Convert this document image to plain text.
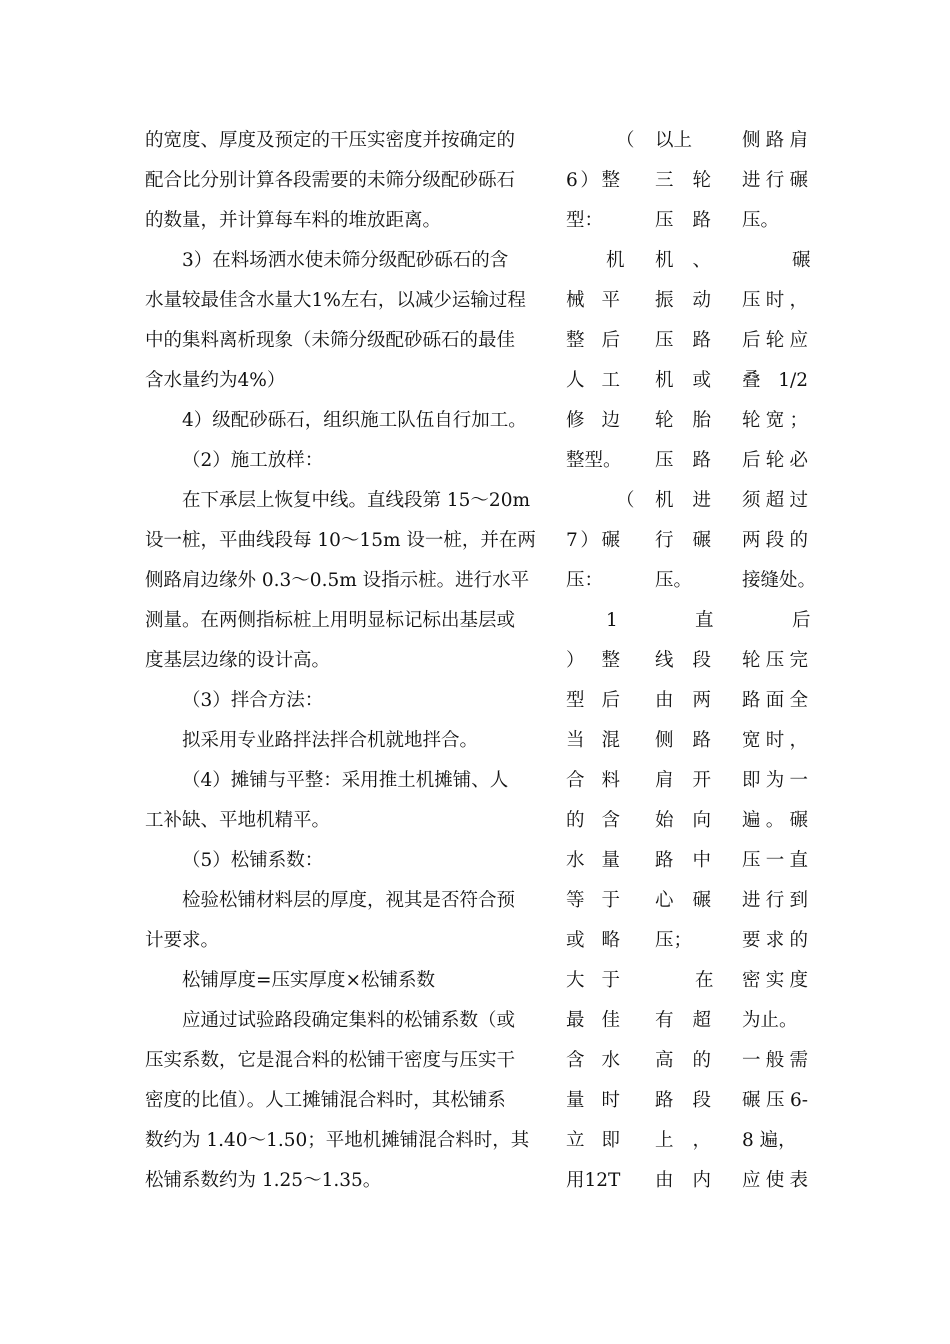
的宽度、厚度及预定的干压实密度并按确定的

配合比分别计算各段需要的未筛分级配砂砾石

的数量，并计算每车料的堆放距离。

3）在料场洒水使未筛分级配砂砾石的含

水量较最佳含水量大1%左右，以减少运输过程

中的集料离析现象（未筛分级配砂砾石的最佳

含水量约为4%）

4）级配砂砾石，组织施工队伍自行加工。

（2）施工放样：

在下承层上恢复中线。直线段第 15～20m

设一桩，平曲线段每 10～15m 设一桩，并在两

侧路肩边缘外 0.3～0.5m 设指示桩。进行水平

测量。在两侧指标桩上用明显标记标出基层或

度基层边缘的设计高。

（3）拌合方法：

拟采用专业路拌法拌合机就地拌合。

（4）摊铺与平整：采用推土机摊铺、人

工补缺、平地机精平。

（5）松铺系数：

检验松铺材料层的厚度，视其是否符合预

计要求。

松铺厚度=压实厚度×松铺系数

应通过试验路段确定集料的松铺系数（或

压实系数，它是混合料的松铺干密度与压实干

密度的比值）。人工摊铺混合料时，其松铺系

数约为 1.40～1.50；平地机摊铺混合料时，其

松铺系数约为 1.25～1.35。

（
6）整
型：
机
械平
整后
人工
修边
整型。
（
7）碾
压：
1
）整
型后
当混
合料
的含
水量
等于
或略
大于
最佳
含水
量时
立即
用12T
以上
三轮
压路
机、
振动
压路
机或
轮胎
压路
机进
行碾
压。
直
线段
由两
侧路
肩开
始向
路中
心碾
压；
在
有超
高的
路段
上，
由内
侧路肩
进行碾
压。
碾
压时，
后轮应
叠 1/2
轮宽；
后轮必
须超过
两段的
接缝处。
后
轮压完
路面全
宽时，
即为一
遍。碾
压一直
进行到
要求的
密实度
为止。
一般需
碾压6-
8 遍，
应使表
